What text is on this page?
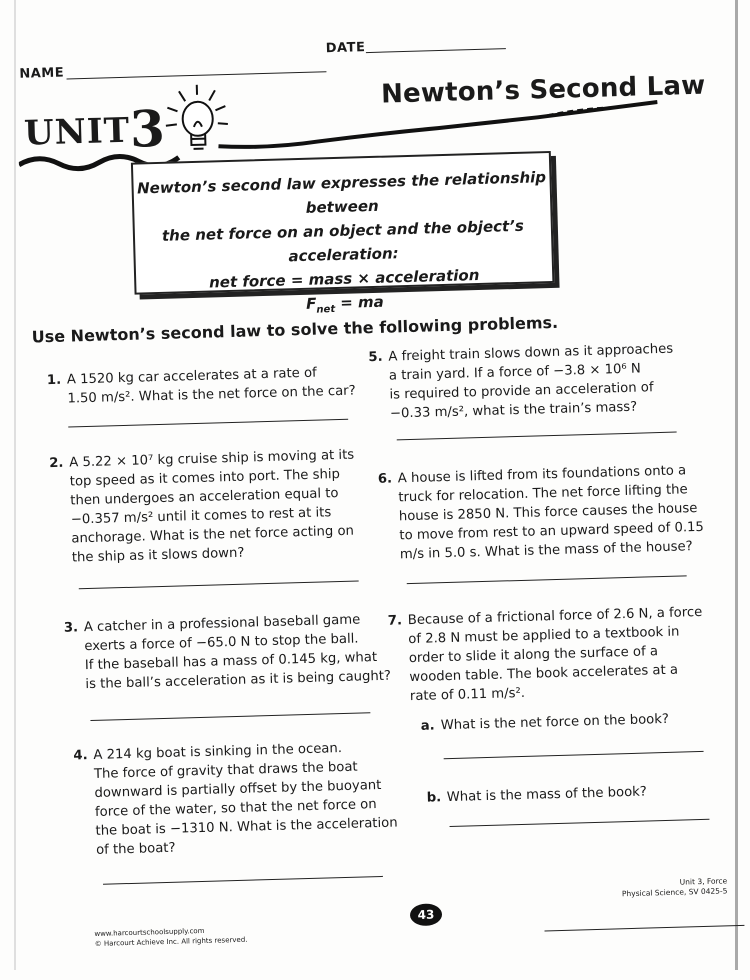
DATE
NAME
UNIT
3
Newton’s Second Law
Newton’s second law expresses the relationship between
the net force on an object and the object’s acceleration:
net force = mass × acceleration
$F_{net}$ = ma
Use Newton’s second law to solve the following problems.
1. A 1520 kg car accelerates at a rate of
1.50 m/s². What is the net force on the car?
2. A 5.22 × 10⁷ kg cruise ship is moving at its
top speed as it comes into port. The ship
then undergoes an acceleration equal to
−0.357 m/s² until it comes to rest at its
anchorage. What is the net force acting on
the ship as it slows down?
3. A catcher in a professional baseball game
exerts a force of −65.0 N to stop the ball.
If the baseball has a mass of 0.145 kg, what
is the ball’s acceleration as it is being caught?
4. A 214 kg boat is sinking in the ocean.
The force of gravity that draws the boat
downward is partially offset by the buoyant
force of the water, so that the net force on
the boat is −1310 N. What is the acceleration
of the boat?
5. A freight train slows down as it approaches
a train yard. If a force of −3.8 × 10⁶ N
is required to provide an acceleration of
−0.33 m/s², what is the train’s mass?
6. A house is lifted from its foundations onto a
truck for relocation. The net force lifting the
house is 2850 N. This force causes the house
to move from rest to an upward speed of 0.15
m/s in 5.0 s. What is the mass of the house?
7. Because of a frictional force of 2.6 N, a force
of 2.8 N must be applied to a textbook in
order to slide it along the surface of a
wooden table. The book accelerates at a
rate of 0.11 m/s².
a. What is the net force on the book?
b. What is the mass of the book?
Unit 3, Force
Physical Science, SV 0425-5
43
www.harcourtschoolsupply.com
© Harcourt Achieve Inc. All rights reserved.
